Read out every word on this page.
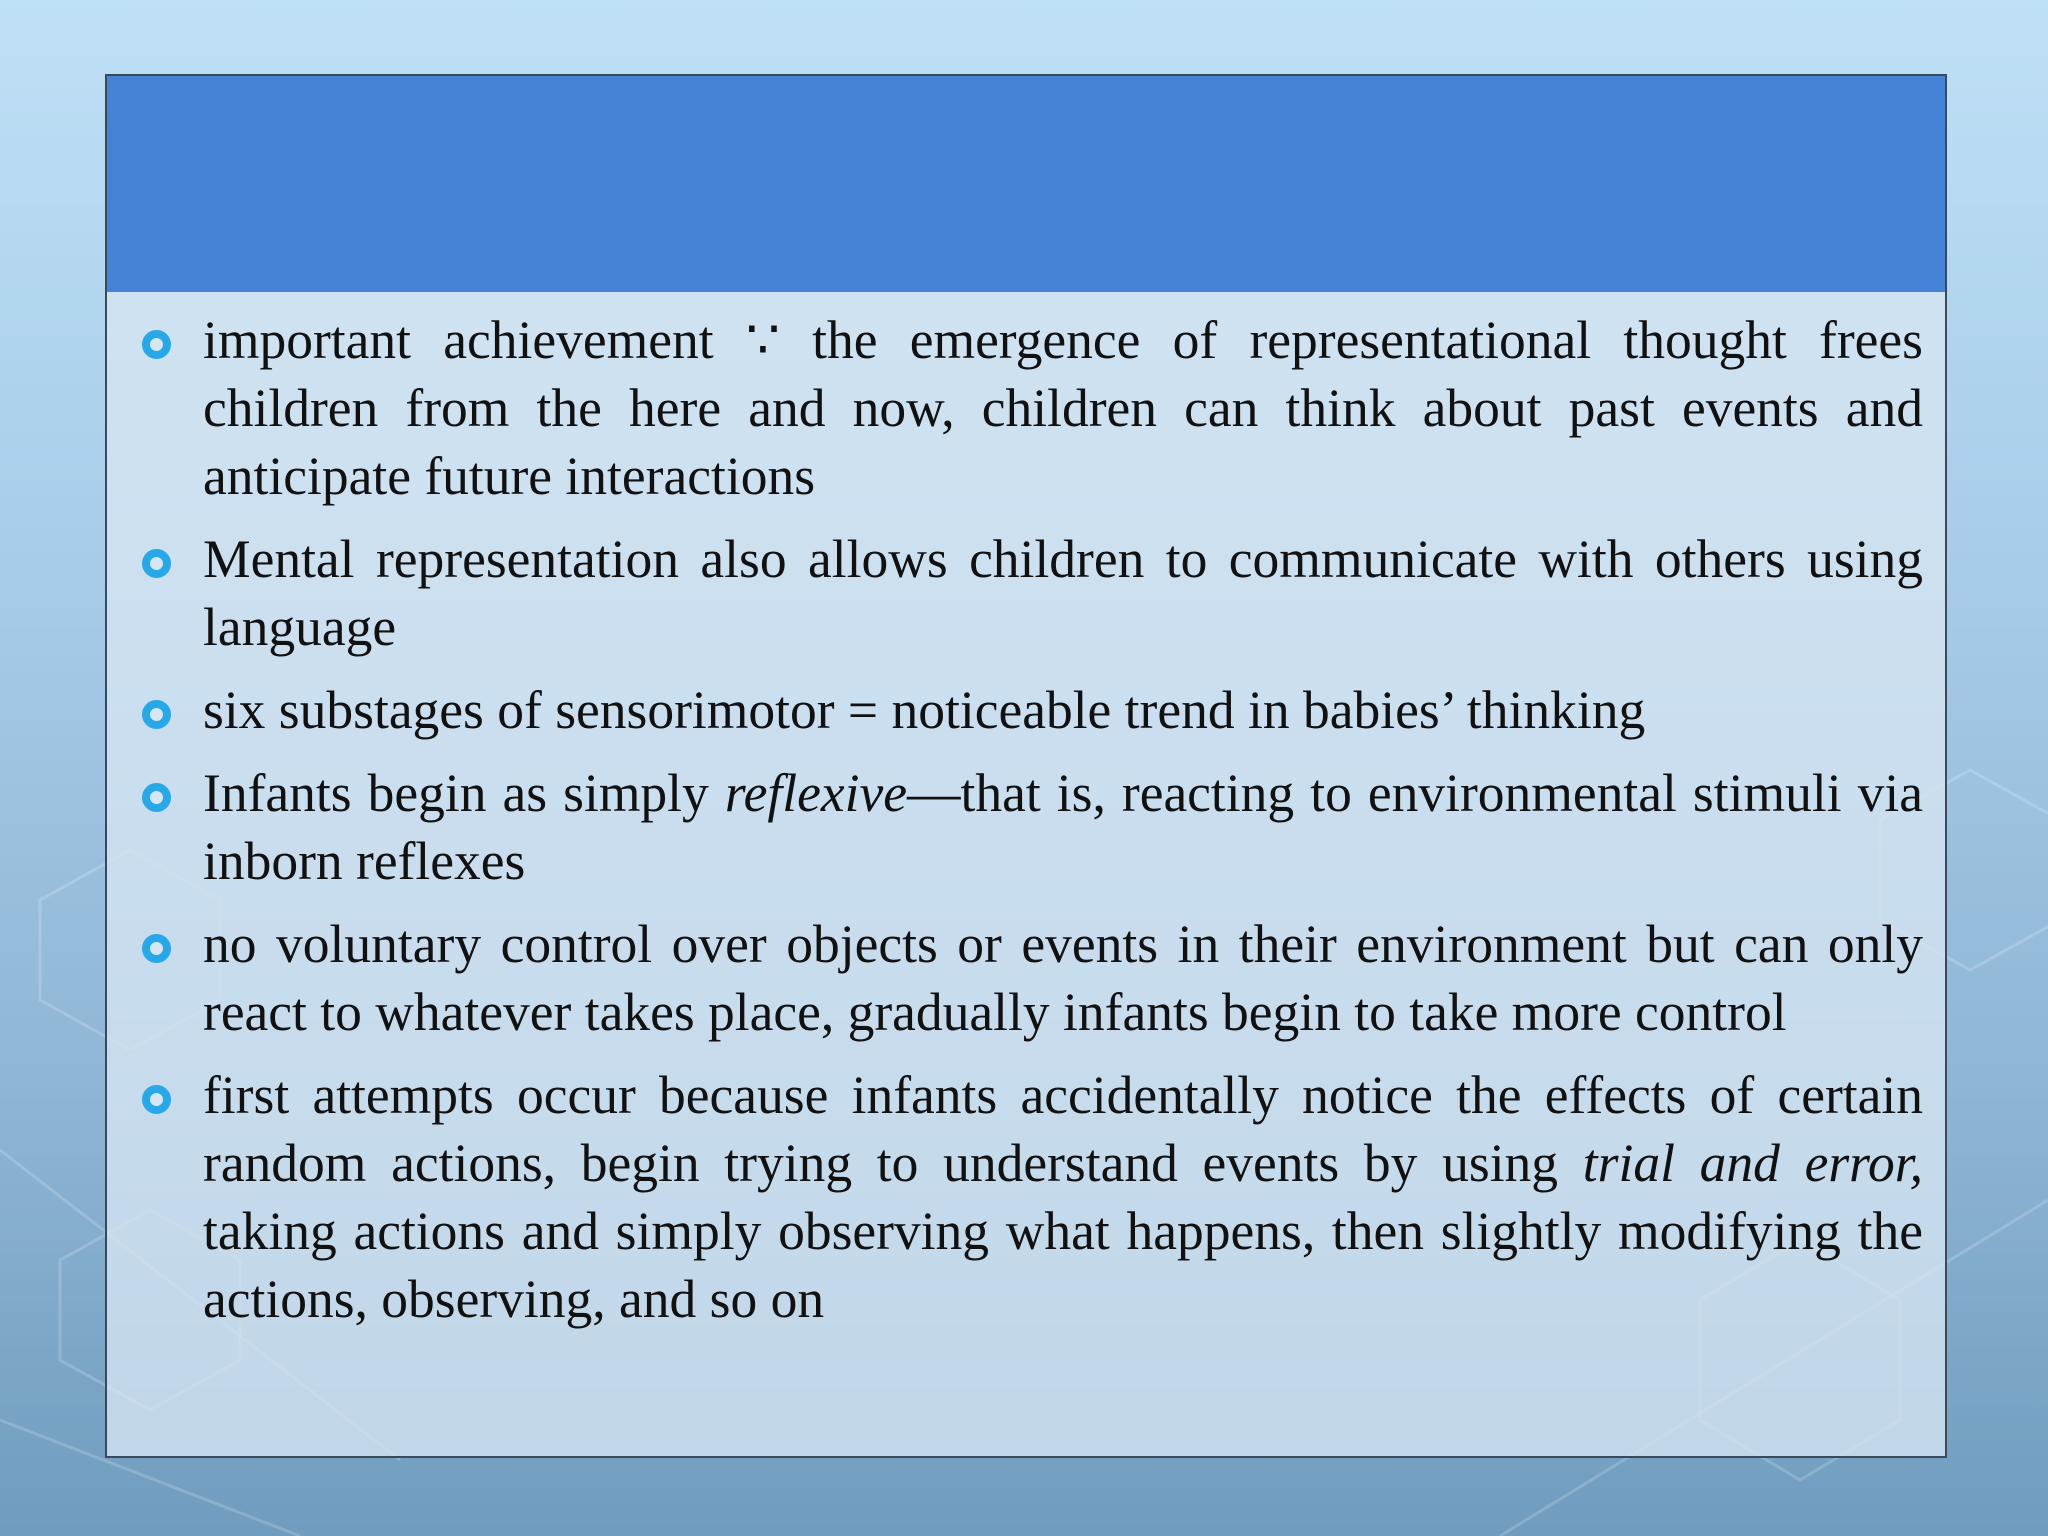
important achievement ∵ the emergence of representational thought frees children from the here and now, children can think about past events and anticipate future interactions
Mental representation also allows children to communicate with others using language
six substages of sensorimotor = noticeable trend in babies’ thinking
Infants begin as simply reflexive—that is, reacting to environmental stimuli via inborn reflexes
no voluntary control over objects or events in their environment but can only react to whatever takes place, gradually infants begin to take more control
first attempts occur because infants accidentally notice the effects of certain random actions, begin trying to understand events by using trial and error, taking actions and simply observing what happens, then slightly modifying the actions, observing, and so on
